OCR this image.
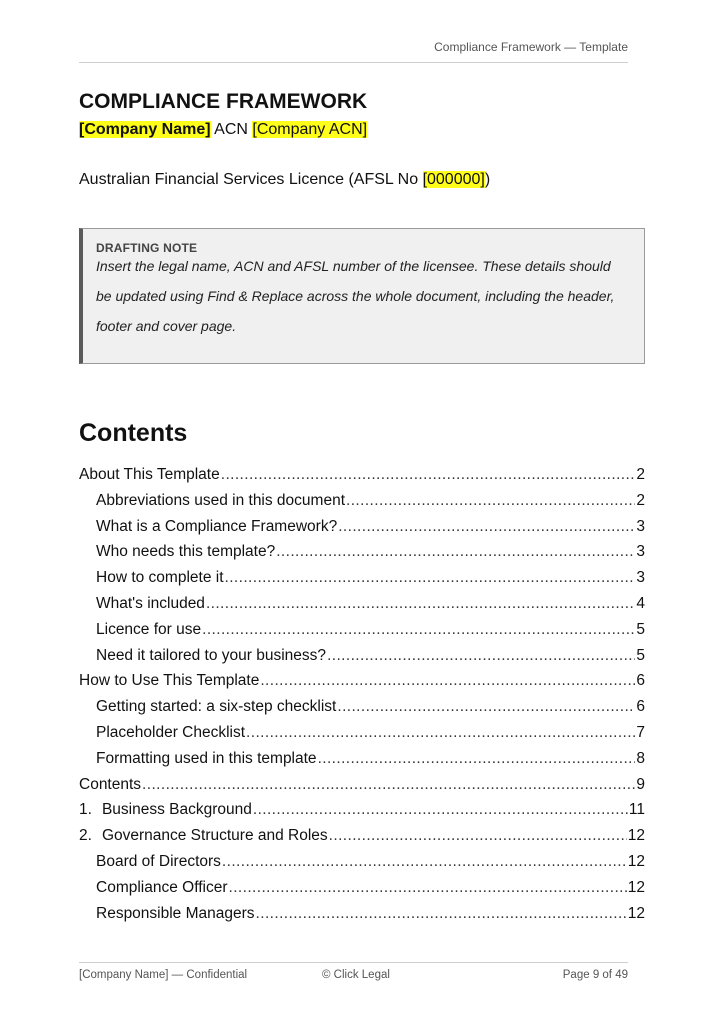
Compliance Framework — Template
COMPLIANCE FRAMEWORK
[Company Name] ACN [Company ACN]
Australian Financial Services Licence (AFSL No [000000])
DRAFTING NOTE
Insert the legal name, ACN and AFSL number of the licensee. These details should be updated using Find & Replace across the whole document, including the header, footer and cover page.
Contents
About This Template .....	2
Abbreviations used in this document .....	2
What is a Compliance Framework? .....	3
Who needs this template? .....	3
How to complete it .....	3
What's included .....	4
Licence for use .....	5
Need it tailored to your business? .....	5
How to Use This Template .....	6
Getting started: a six-step checklist .....	6
Placeholder Checklist .....	7
Formatting used in this template .....	8
Contents .....	9
1. Business Background .....	11
2. Governance Structure and Roles .....	12
Board of Directors .....	12
Compliance Officer .....	12
Responsible Managers .....	12
[Company Name] — Confidential	© Click Legal	Page 9 of 49
